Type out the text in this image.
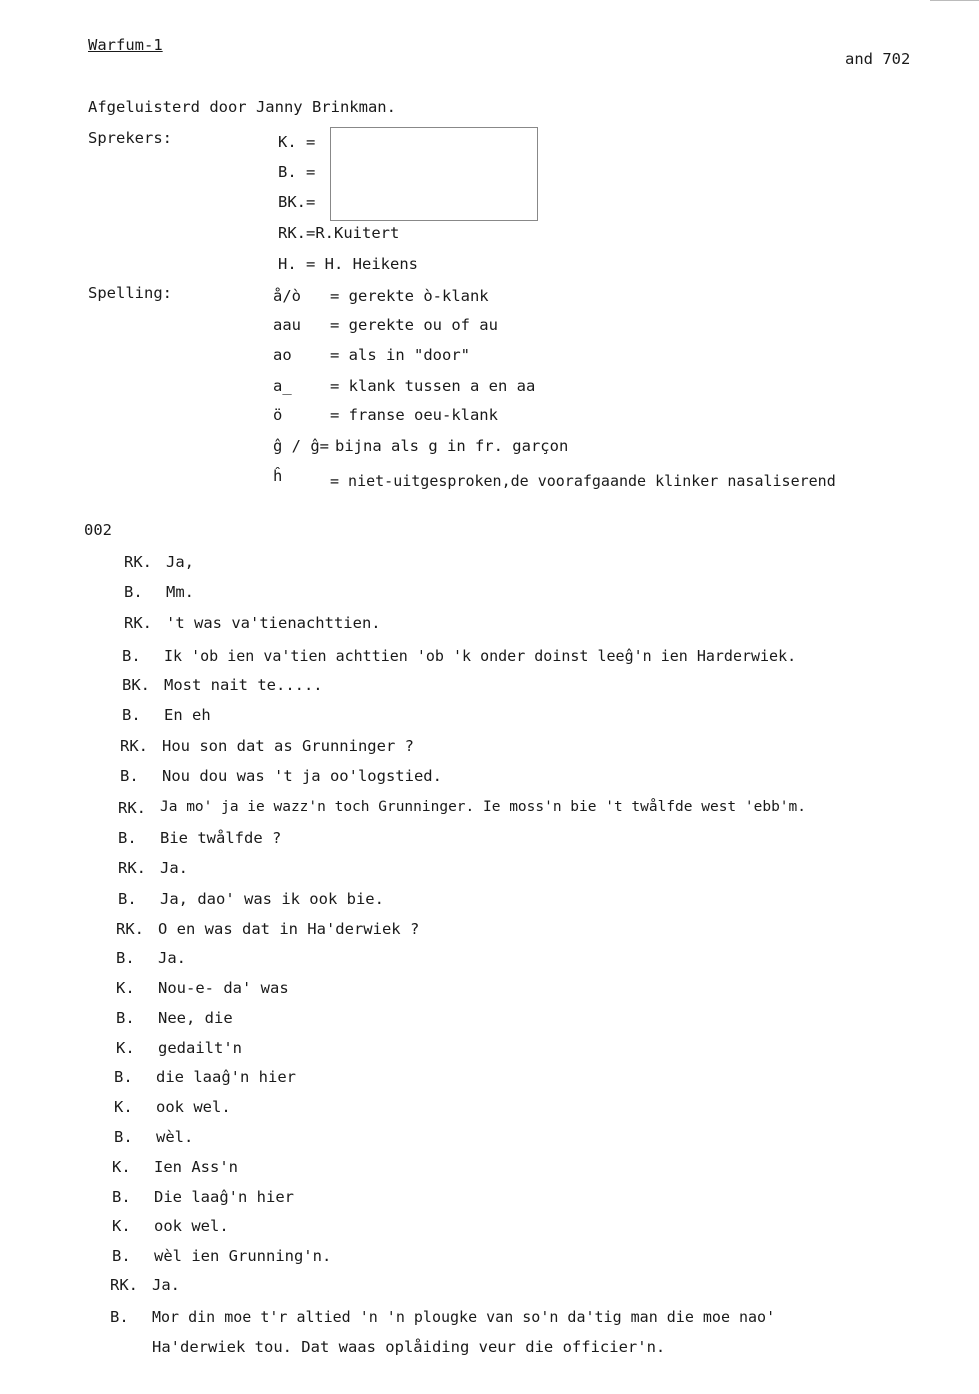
Warfum-1
and 702
Afgeluisterd door Janny Brinkman.
Sprekers:	K. =
B. =
BK.=
RK.=R.Kuitert
H. = H. Heikens
Spelling:	å/ò = gerekte ò-klank
aau = gerekte ou of au
ao = als in "door"
a̲ = klank tussen a en aa
ö	= franse oeu-klank
ĝ / ĝ= bijna als g in fr. garçon
ĥ	= niet-uitgesproken,de voorafgaande klinker nasaliserend
002
RK. Ja,
B. Mm.
RK. 't was va'tienachttien.
B. Ik 'ob ien va'tien achttien 'ob 'k onder doinst leeĝ'n ien Harderwiek.
BK. Most nait te.....
B. En eh
RK. Hou son dat as Grunninger ?
B. Nou dou was 't ja oo'logstied.
RK. Ja mo' ja ie wazz'n toch Grunninger. Ie moss'n bie 't twålfde west 'ebb'm.
B. Bie twålfde ?
RK. Ja.
B. Ja, dao' was ik ook bie.
RK. O en was dat in Ha'derwiek ?
B. Ja.
K. Nou-e- da' was
B. Nee, die
K. gedailt'n
B. die laaĝ'n hier
K. ook wel.
B. wèl.
K. Ien Ass'n
B. Die laaĝ'n hier
K. ook wel.
B. wèl ien Grunning'n.
RK. Ja.
B. Mor din moe t'r altied 'n 'n plougke van so'n da'tig man die moe nao'
Ha'derwiek tou. Dat waas oplåiding veur die officier'n.
